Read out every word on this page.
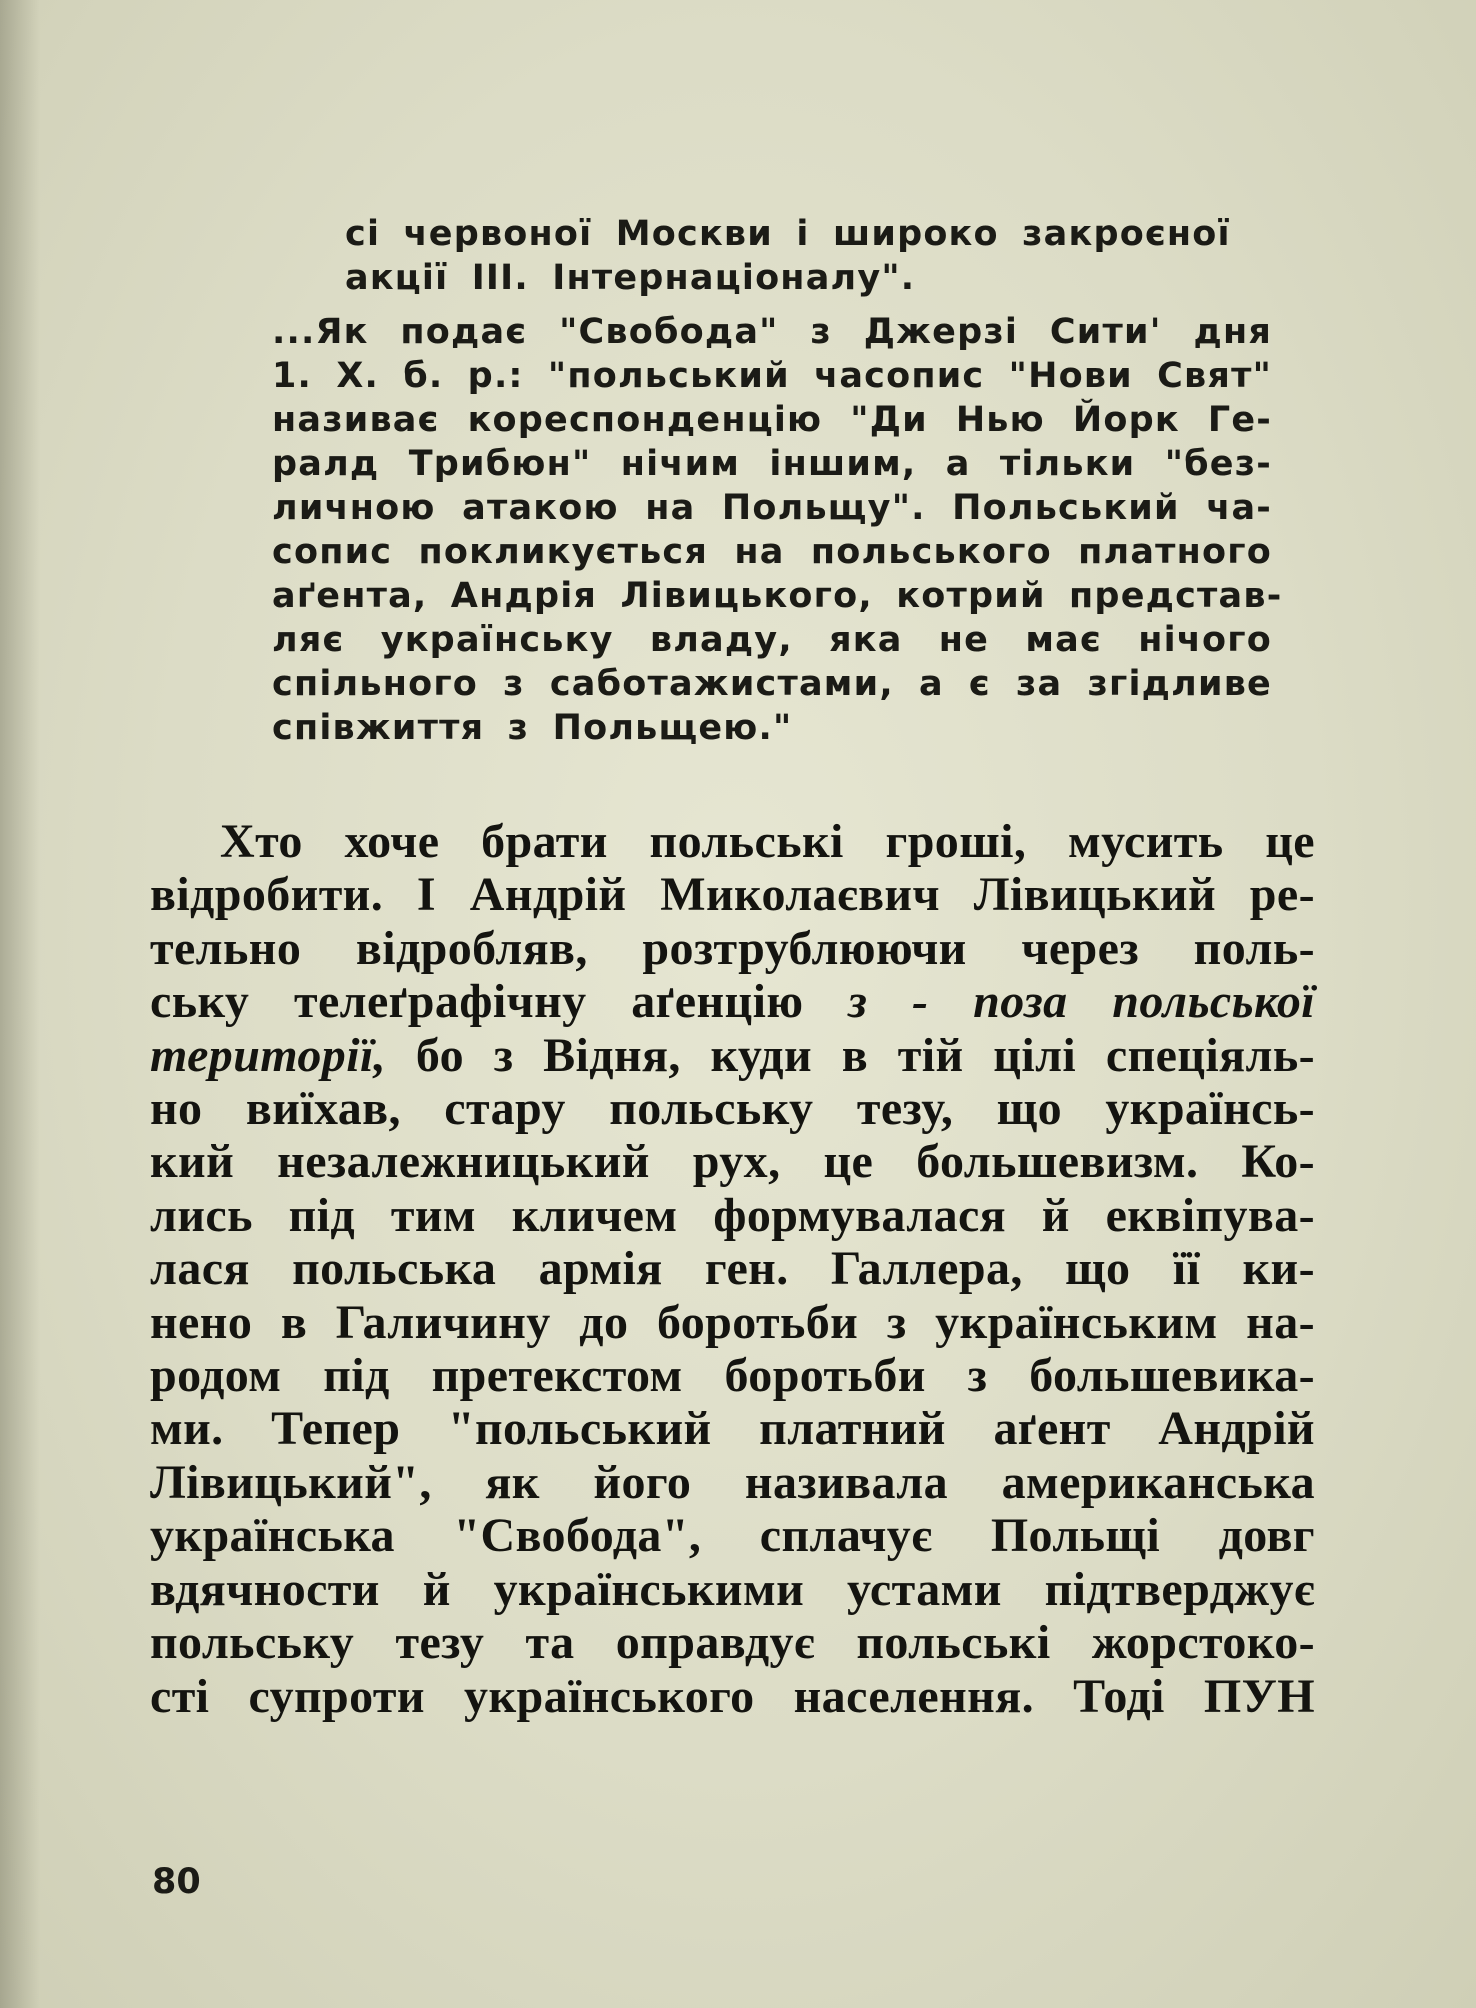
сі червоної Москви і широко закроєної
акції III. Інтернаціоналу".
...Як подає "Свобода" з Джерзі Сити' дня
1. X. б. р.: "польський часопис "Нови Свят"
називає кореспонденцію "Ди Нью Йорк Ге-
ралд Трибюн" нічим іншим, а тільки "без-
личною атакою на Польщу". Польський ча-
сопис покликується на польського платного
аґента, Андрія Лівицького, котрий представ-
ляє українську владу, яка не має нічого
спільного з саботажистами, а є за згідливе
співжиття з Польщею."
Хто хоче брати польські гроші, мусить це
відробити. І Андрій Миколаєвич Лівицький ре-
тельно відробляв, розтрублюючи через поль-
ську телеґрафічну аґенцію з - поза польської
території, бо з Відня, куди в тій цілі спеціяль-
но виїхав, стару польську тезу, що українсь-
кий незалежницький рух, це большевизм. Ко-
лись під тим кличем формувалася й еквіпува-
лася польська армія ген. Галлера, що її ки-
нено в Галичину до боротьби з українським на-
родом під претекстом боротьби з большевика-
ми. Тепер "польський платний аґент Андрій
Лівицький", як його називала американська
українська "Свобода", сплачує Польщі довг
вдячности й українськими устами підтверджує
польську тезу та оправдує польські жорстоко-
сті супроти українського населення. Тоді ПУН
80
